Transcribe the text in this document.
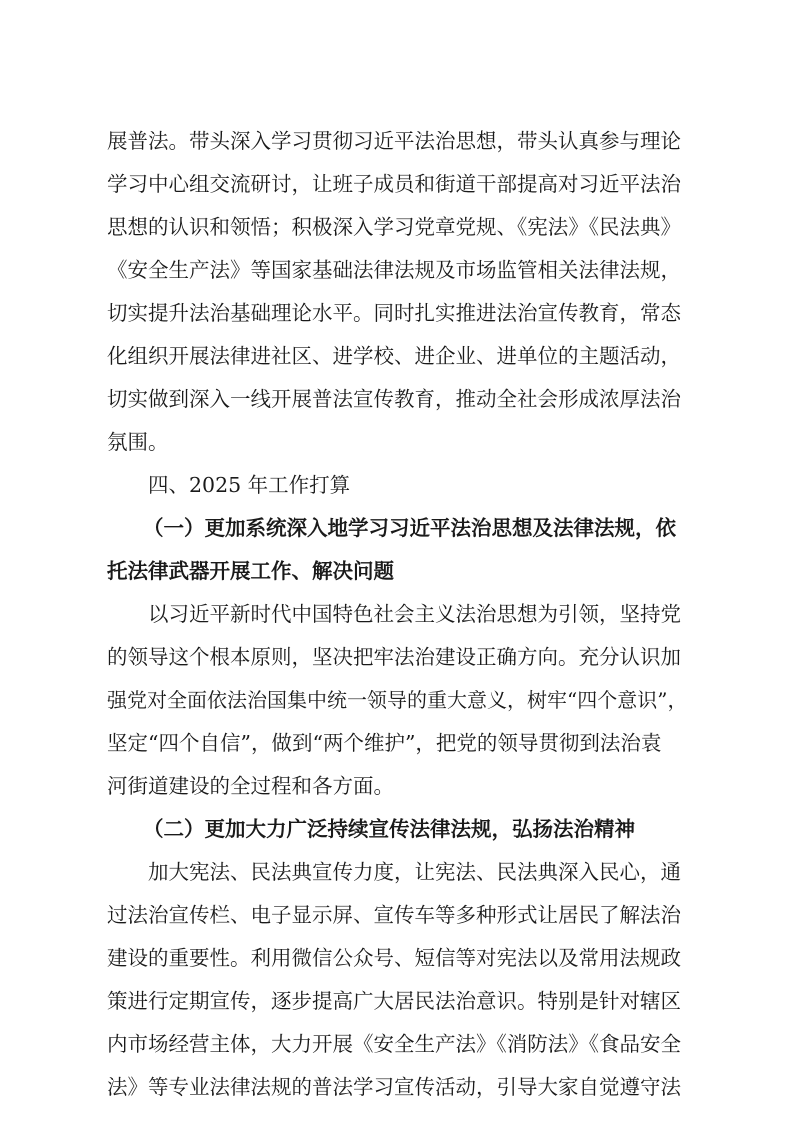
展普法。带头深入学习贯彻习近平法治思想，带头认真参与理论
学习中心组交流研讨，让班子成员和街道干部提高对习近平法治
思想的认识和领悟；积极深入学习党章党规、《宪法》《民法典》
《安全生产法》等国家基础法律法规及市场监管相关法律法规，
切实提升法治基础理论水平。同时扎实推进法治宣传教育，常态
化组织开展法律进社区、进学校、进企业、进单位的主题活动，
切实做到深入一线开展普法宣传教育，推动全社会形成浓厚法治
氛围。
四、2025 年工作打算
（一）更加系统深入地学习习近平法治思想及法律法规，依
托法律武器开展工作、解决问题
以习近平新时代中国特色社会主义法治思想为引领，坚持党
的领导这个根本原则，坚决把牢法治建设正确方向。充分认识加
强党对全面依法治国集中统一领导的重大意义，树牢“四个意识”，
坚定“四个自信”，做到“两个维护”，把党的领导贯彻到法治袁
河街道建设的全过程和各方面。
（二）更加大力广泛持续宣传法律法规，弘扬法治精神
加大宪法、民法典宣传力度，让宪法、民法典深入民心，通
过法治宣传栏、电子显示屏、宣传车等多种形式让居民了解法治
建设的重要性。利用微信公众号、短信等对宪法以及常用法规政
策进行定期宣传，逐步提高广大居民法治意识。特别是针对辖区
内市场经营主体，大力开展《安全生产法》《消防法》《食品安全
法》等专业法律法规的普法学习宣传活动，引导大家自觉遵守法
